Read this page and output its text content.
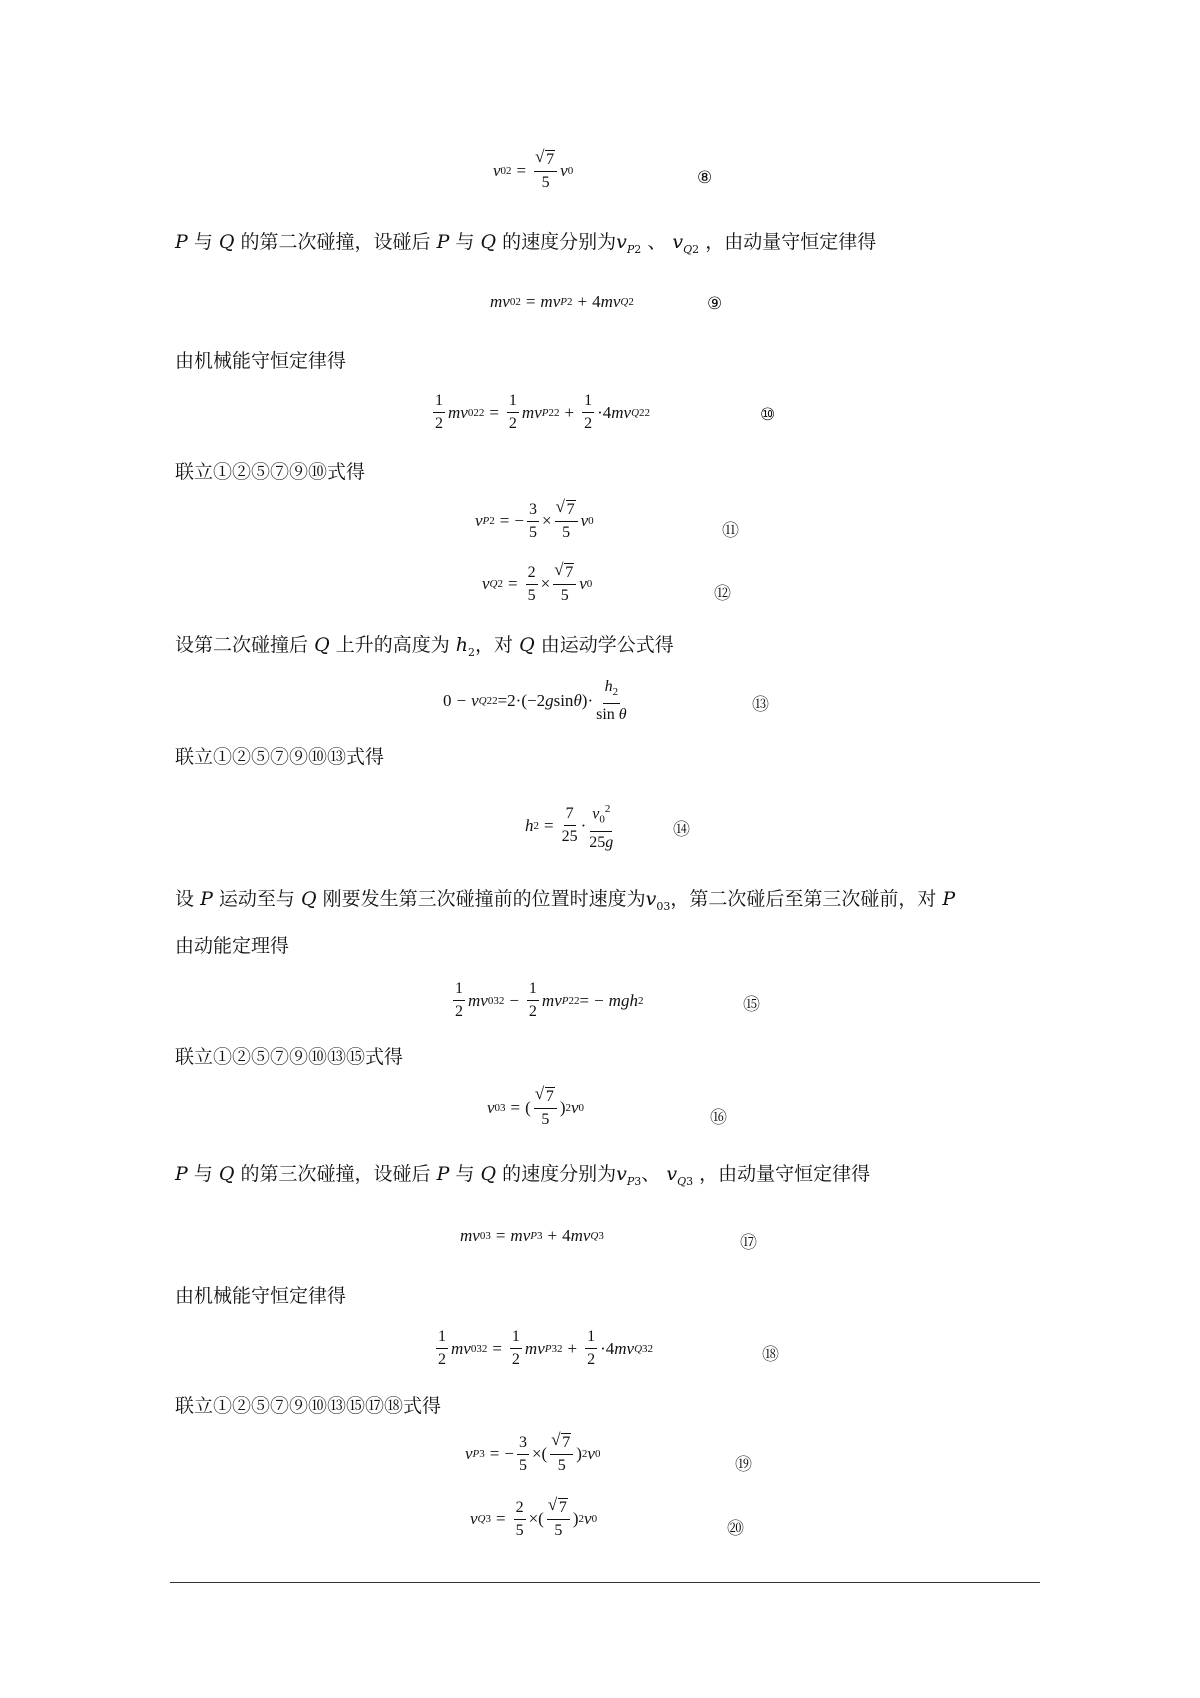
v 02 = √ $\frac{7}{5}$ v 0	⑧
P 与 Q 的第二次碰撞，设碰后 P 与 Q 的速度分别为$v_{P2}$ 、 $v_{Q2}$ ，由动量守恒定律得
mv 02 = mv P2 + 4 mv Q2	⑨
由机械能守恒定律得
$\frac{1}{2}$ mv 02 $2 = \frac{1}{2}$ mv P2 $2 + \frac{1}{2} \cdot 4$ mv Q2 2	⑩
联立①②⑤⑦⑨⑩式得
v P2 = − $\frac{3}{5}$ × √ $\frac{7}{5}$ v 0	⑪
v $Q2 = \frac{2}{5}$ × √ $\frac{7}{5}$ v 0	⑫
设第二次碰撞后 Q 上升的高度为 $h_2$，对 Q 由运动学公式得
0 − v Q2 2 =2·(−2 g sin θ )· $\frac{h_2}{\text{sin θ}}$	⑬
联立①②⑤⑦⑨⑩⑬式得
h $2 = \frac{7}{25} \cdot \frac{v_0^2}{25g}$	⑭
设 P 运动至与 Q 刚要发生第三次碰撞前的位置时速度为$v_{03}$，第二次碰后至第三次碰前，对 P
由动能定理得
$\frac{1}{2}$ mv 03 $2 - \frac{1}{2}$ mv P2 2 = − mgh 2	⑮
联立①②⑤⑦⑨⑩⑬⑮式得
v 03 = ( √ $\frac{7}{5}$ ) 2 v 0	⑯
P 与 Q 的第三次碰撞，设碰后 P 与 Q 的速度分别为$v_{P3}$、 $v_{Q3}$ ，由动量守恒定律得
mv 03 = mv P3 + 4 mv Q3	⑰
由机械能守恒定律得
$\frac{1}{2}$ mv 03 $2 = \frac{1}{2}$ mv P3 $2 + \frac{1}{2} \cdot 4$ mv Q3 2	⑱
联立①②⑤⑦⑨⑩⑬⑮⑰⑱式得
v P3 = − $\frac{3}{5}$ ×( √ $\frac{7}{5}$ ) 2 v 0
⑲
v $Q3 = \frac{2}{5}$ ×( √ $\frac{7}{5}$ ) 2 v 0	⑳
